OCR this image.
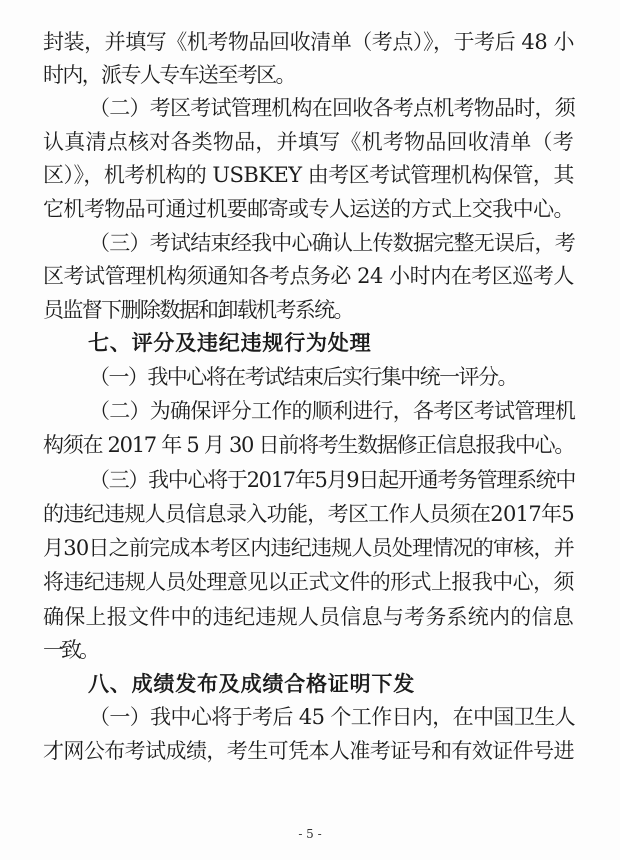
封装，并填写《机考物品回收清单（考点）》，于考后 48 小
时内，派专人专车送至考区。
（二）考区考试管理机构在回收各考点机考物品时，须
认真清点核对各类物品，并填写《机考物品回收清单（考
区）》，机考机构的 USBKEY 由考区考试管理机构保管，其
它机考物品可通过机要邮寄或专人运送的方式上交我中心。
（三）考试结束经我中心确认上传数据完整无误后，考
区考试管理机构须通知各考点务必 24 小时内在考区巡考人
员监督下删除数据和卸载机考系统。
七、评分及违纪违规行为处理
（一）我中心将在考试结束后实行集中统一评分。
（二）为确保评分工作的顺利进行，各考区考试管理机
构须在 2017 年 5 月 30 日前将考生数据修正信息报我中心。
（三）我中心将于2017年5月9日起开通考务管理系统中
的违纪违规人员信息录入功能，考区工作人员须在2017年5
月30日之前完成本考区内违纪违规人员处理情况的审核，并
将违纪违规人员处理意见以正式文件的形式上报我中心，须
确保上报文件中的违纪违规人员信息与考务系统内的信息
一致。
八、成绩发布及成绩合格证明下发
（一）我中心将于考后 45 个工作日内，在中国卫生人
才网公布考试成绩，考生可凭本人准考证号和有效证件号进
- 5 -
